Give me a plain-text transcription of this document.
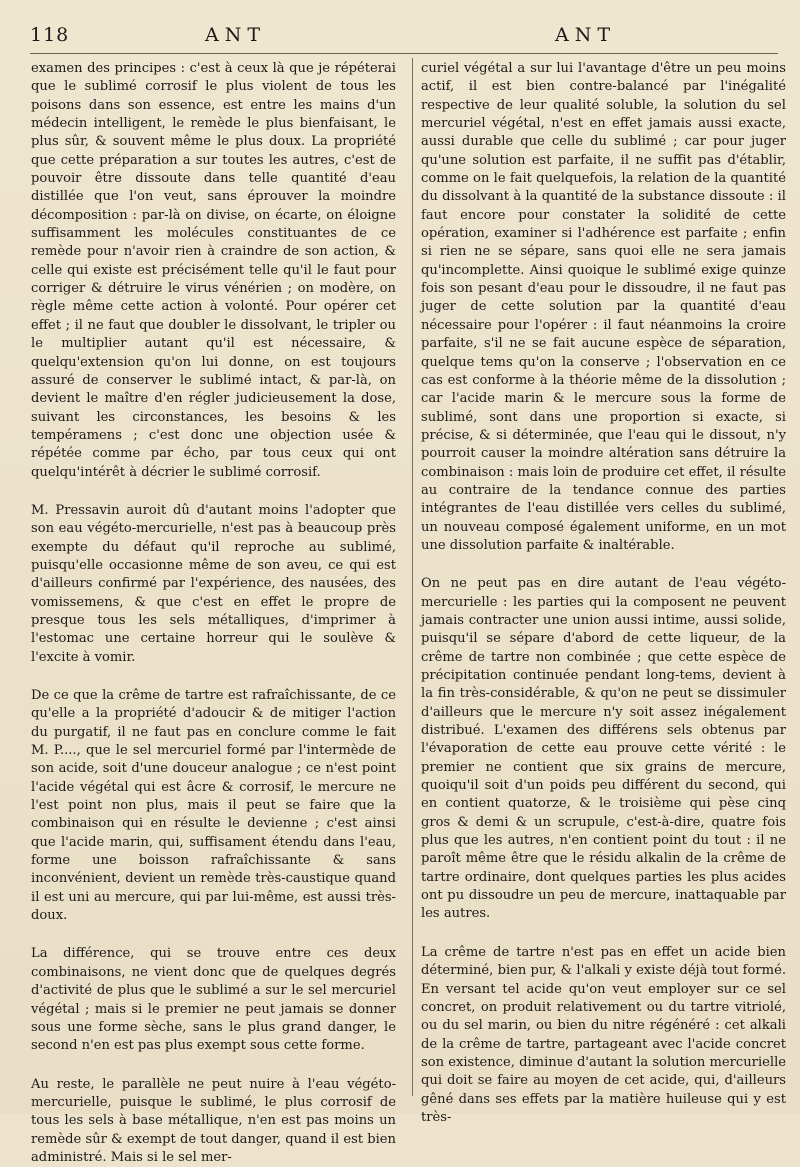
118	ANT	ANT

examen des principes : c'est à ceux là que je répéterai que le sublimé corrosif le plus violent de tous les poisons dans son essence, est entre les mains d'un médecin intelligent, le remède le plus bienfaisant, le plus sûr, & souvent même le plus doux. La propriété que cette préparation a sur toutes les autres, c'est de pouvoir être dissoute dans telle quantité d'eau distillée que l'on veut, sans éprouver la moindre décomposition : par-là on divise, on écarte, on éloigne suffisamment les molécules constituantes de ce remède pour n'avoir rien à craindre de son action, & celle qui existe est précisément telle qu'il le faut pour corriger & détruire le virus vénérien ; on modère, on règle même cette action à volonté. Pour opérer cet effet ; il ne faut que doubler le dissolvant, le tripler ou le multiplier autant qu'il est nécessaire, & quelqu'extension qu'on lui donne, on est toujours assuré de conserver le sublimé intact, & par-là, on devient le maître d'en régler judicieusement la dose, suivant les circonstances, les besoins & les tempéramens ; c'est donc une objection usée & répétée comme par écho, par tous ceux qui ont quelqu'intérêt à décrier le sublimé corrosif.

M. Pressavin auroit dû d'autant moins l'adopter que son eau végéto-mercurielle, n'est pas à beaucoup près exempte du défaut qu'il reproche au sublimé, puisqu'elle occasionne même de son aveu, ce qui est d'ailleurs confirmé par l'expérience, des nausées, des vomissemens, & que c'est en effet le propre de presque tous les sels métalliques, d'imprimer à l'estomac une certaine horreur qui le soulève & l'excite à vomir.

De ce que la crême de tartre est rafraîchissante, de ce qu'elle a la propriété d'adoucir & de mitiger l'action du purgatif, il ne faut pas en conclure comme le fait M. P...., que le sel mercuriel formé par l'intermède de son acide, soit d'une douceur analogue ; ce n'est point l'acide végétal qui est âcre & corrosif, le mercure ne l'est point non plus, mais il peut se faire que la combinaison qui en résulte le devienne ; c'est ainsi que l'acide marin, qui, suffisament étendu dans l'eau, forme une boisson rafraîchissante & sans inconvénient, devient un remède très-caustique quand il est uni au mercure, qui par lui-même, est aussi très-doux.

La différence, qui se trouve entre ces deux combinaisons, ne vient donc que de quelques degrés d'activité de plus que le sublimé a sur le sel mercuriel végétal ; mais si le premier ne peut jamais se donner sous une forme sèche, sans le plus grand danger, le second n'en est pas plus exempt sous cette forme.

Au reste, le parallèle ne peut nuire à l'eau végéto-mercurielle, puisque le sublimé, le plus corrosif de tous les sels à base métallique, n'en est pas moins un remède sûr & exempt de tout danger, quand il est bien administré. Mais si le sel mer-

curiel végétal a sur lui l'avantage d'être un peu moins actif, il est bien contre-balancé par l'inégalité respective de leur qualité soluble, la solution du sel mercuriel végétal, n'est en effet jamais aussi exacte, aussi durable que celle du sublimé ; car pour juger qu'une solution est parfaite, il ne suffit pas d'établir, comme on le fait quelquefois, la relation de la quantité du dissolvant à la quantité de la substance dissoute : il faut encore pour constater la solidité de cette opération, examiner si l'adhérence est parfaite ; enfin si rien ne se sépare, sans quoi elle ne sera jamais qu'incomplette. Ainsi quoique le sublimé exige quinze fois son pesant d'eau pour le dissoudre, il ne faut pas juger de cette solution par la quantité d'eau nécessaire pour l'opérer : il faut néanmoins la croire parfaite, s'il ne se fait aucune espèce de séparation, quelque tems qu'on la conserve ; l'observation en ce cas est conforme à la théorie même de la dissolution ; car l'acide marin & le mercure sous la forme de sublimé, sont dans une proportion si exacte, si précise, & si déterminée, que l'eau qui le dissout, n'y pourroit causer la moindre altération sans détruire la combinaison : mais loin de produire cet effet, il résulte au contraire de la tendance connue des parties intégrantes de l'eau distillée vers celles du sublimé, un nouveau composé également uniforme, en un mot une dissolution parfaite & inaltérable.

On ne peut pas en dire autant de l'eau végéto-mercurielle : les parties qui la composent ne peuvent jamais contracter une union aussi intime, aussi solide, puisqu'il se sépare d'abord de cette liqueur, de la crême de tartre non combinée ; que cette espèce de précipitation continuée pendant long-tems, devient à la fin très-considérable, & qu'on ne peut se dissimuler d'ailleurs que le mercure n'y soit assez inégalement distribué. L'examen des différens sels obtenus par l'évaporation de cette eau prouve cette vérité : le premier ne contient que six grains de mercure, quoiqu'il soit d'un poids peu différent du second, qui en contient quatorze, & le troisième qui pèse cinq gros & demi & un scrupule, c'est-à-dire, quatre fois plus que les autres, n'en contient point du tout : il ne paroît même être que le résidu alkalin de la crême de tartre ordinaire, dont quelques parties les plus acides ont pu dissoudre un peu de mercure, inattaquable par les autres.

La crême de tartre n'est pas en effet un acide bien déterminé, bien pur, & l'alkali y existe déjà tout formé. En versant tel acide qu'on veut employer sur ce sel concret, on produit relativement ou du tartre vitriolé, ou du sel marin, ou bien du nitre régénéré : cet alkali de la crême de tartre, partageant avec l'acide concret son existence, diminue d'autant la solution mercurielle qui doit se faire au moyen de cet acide, qui, d'ailleurs gêné dans ses effets par la matière huileuse qui y est très-
